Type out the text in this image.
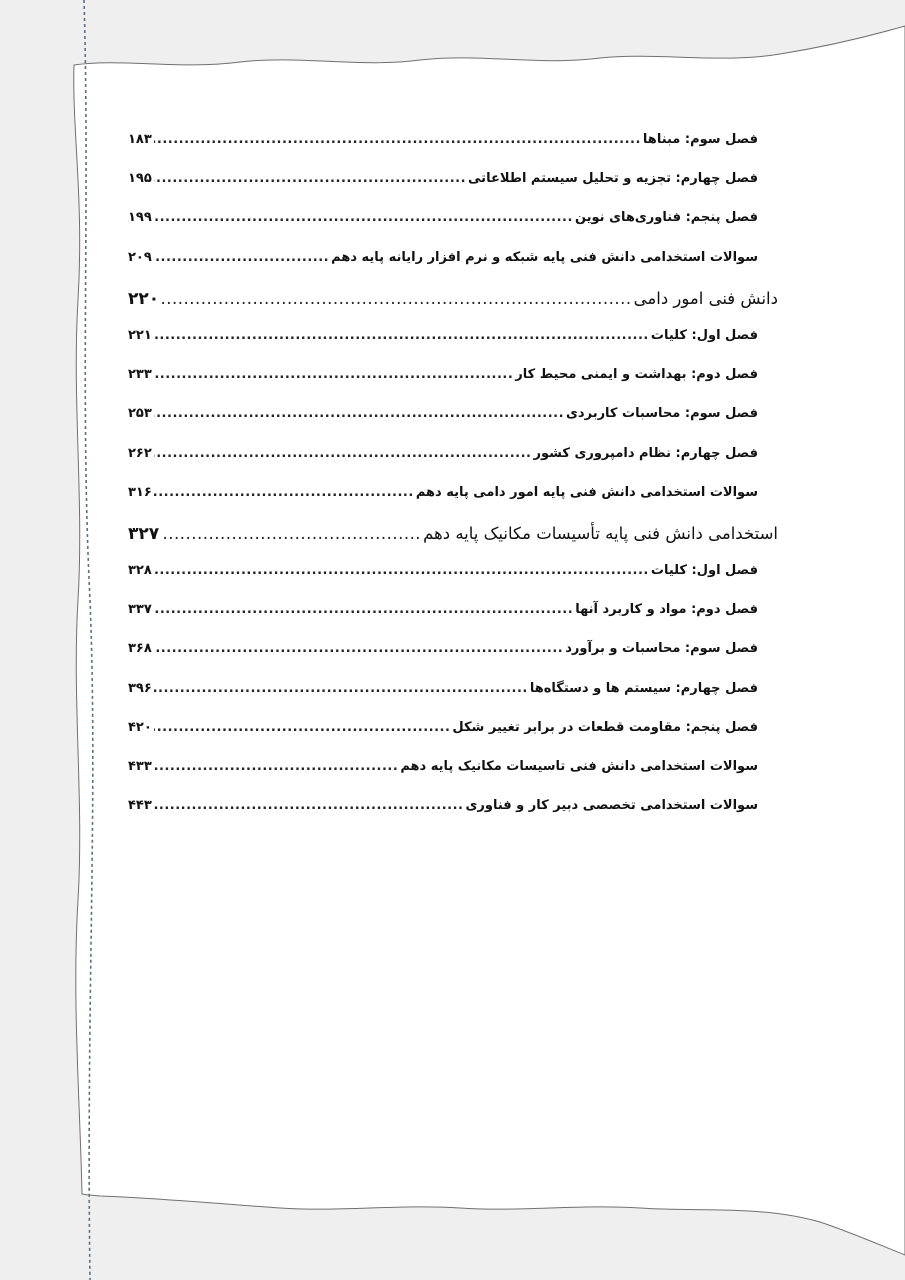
فصل سوم: مبناها
.....
۱۸۳
فصل چهارم: تجزیه و تحلیل سیستم اطلاعاتی
.....
۱۹۵
فصل پنجم: فناوری‌های نوین
.....
۱۹۹
سوالات استخدامی دانش فنی پایه شبکه و نرم افزار رایانه پایه دهم
.....
۲۰۹
دانش فنی امور دامی
.....
۲۲۰
فصل اول: کلیات
.....
۲۲۱
فصل دوم: بهداشت و ایمنی محیط کار
.....
۲۳۳
فصل سوم: محاسبات کاربردی
.....
۲۵۳
فصل چهارم: نظام دامپروری کشور
.....
۲۶۲
سوالات استخدامی دانش فنی پایه امور دامی پایه دهم
.....
۳۱۶
استخدامی دانش فنی پایه تأسیسات مکانیک پایه دهم
.....
۳۲۷
فصل اول: کلیات
.....
۳۲۸
فصل دوم: مواد و کاربرد آنها
.....
۳۳۷
فصل سوم: محاسبات و برآورد
.....
۳۶۸
فصل چهارم: سیستم ها و دستگاه‌ها
.....
۳۹۶
فصل پنجم: مقاومت قطعات در برابر تغییر شکل
.....
۴۲۰
سوالات استخدامی دانش فنی تاسیسات مکانیک پایه دهم
.....
۴۳۳
سوالات استخدامی تخصصی دبیر کار و فناوری
.....
۴۴۳
